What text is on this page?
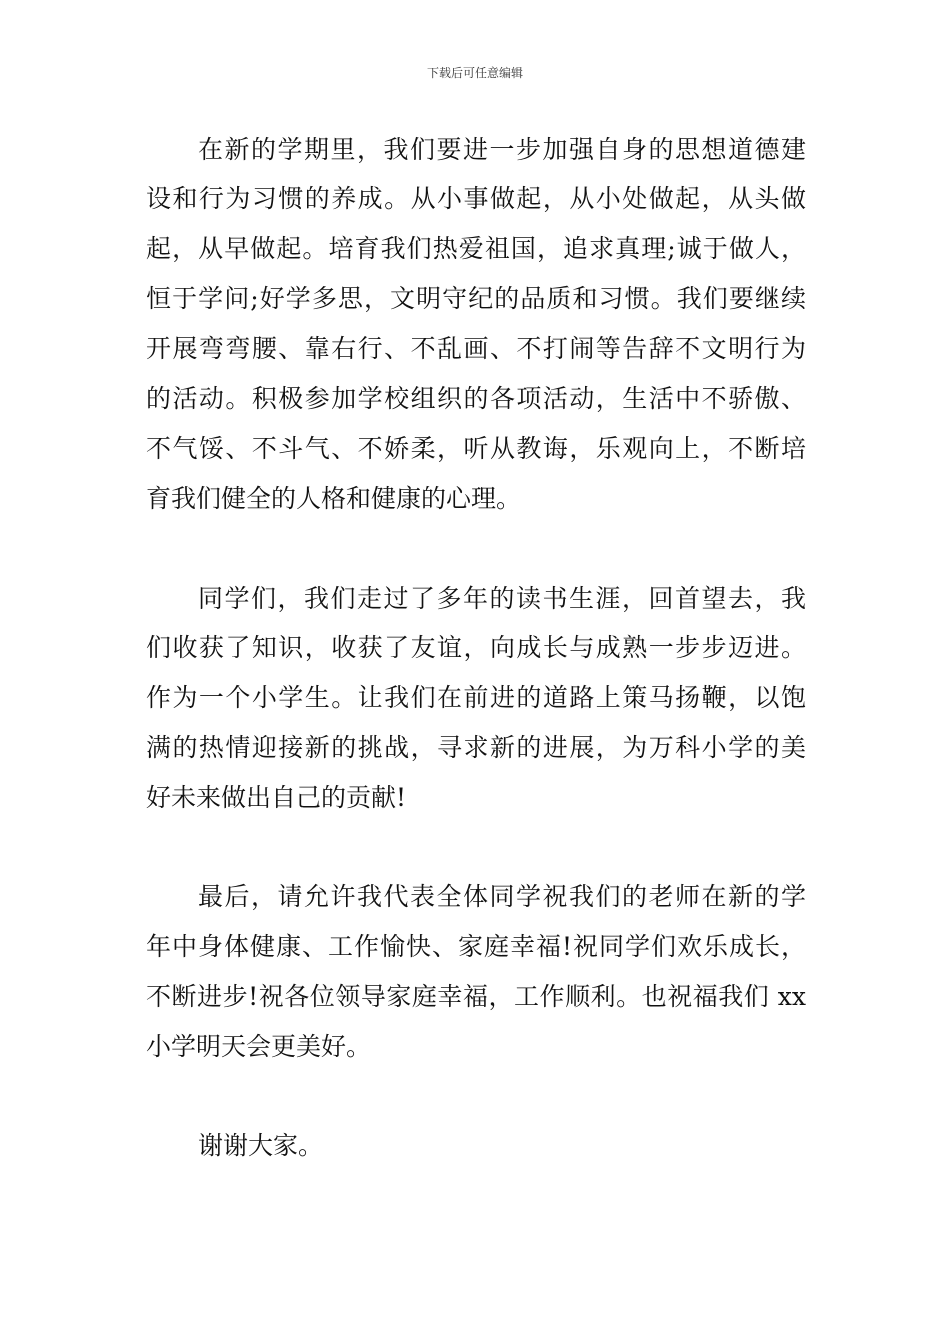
下载后可任意编辑
在新的学期里，我们要进一步加强自身的思想道德建
设和行为习惯的养成。从小事做起，从小处做起，从头做
起，从早做起。培育我们热爱祖国，追求真理;诚于做人，
恒于学问;好学多思，文明守纪的品质和习惯。我们要继续
开展弯弯腰、靠右行、不乱画、不打闹等告辞不文明行为
的活动。积极参加学校组织的各项活动，生活中不骄傲、
不气馁、不斗气、不娇柔，听从教诲，乐观向上，不断培
育我们健全的人格和健康的心理。
同学们，我们走过了多年的读书生涯，回首望去，我
们收获了知识，收获了友谊，向成长与成熟一步步迈进。
作为一个小学生。让我们在前进的道路上策马扬鞭，以饱
满的热情迎接新的挑战，寻求新的进展，为万科小学的美
好未来做出自己的贡献!
最后，请允许我代表全体同学祝我们的老师在新的学
年中身体健康、工作愉快、家庭幸福!祝同学们欢乐成长，
不断进步!祝各位领导家庭幸福，工作顺利。也祝福我们 xx
小学明天会更美好。
谢谢大家。
